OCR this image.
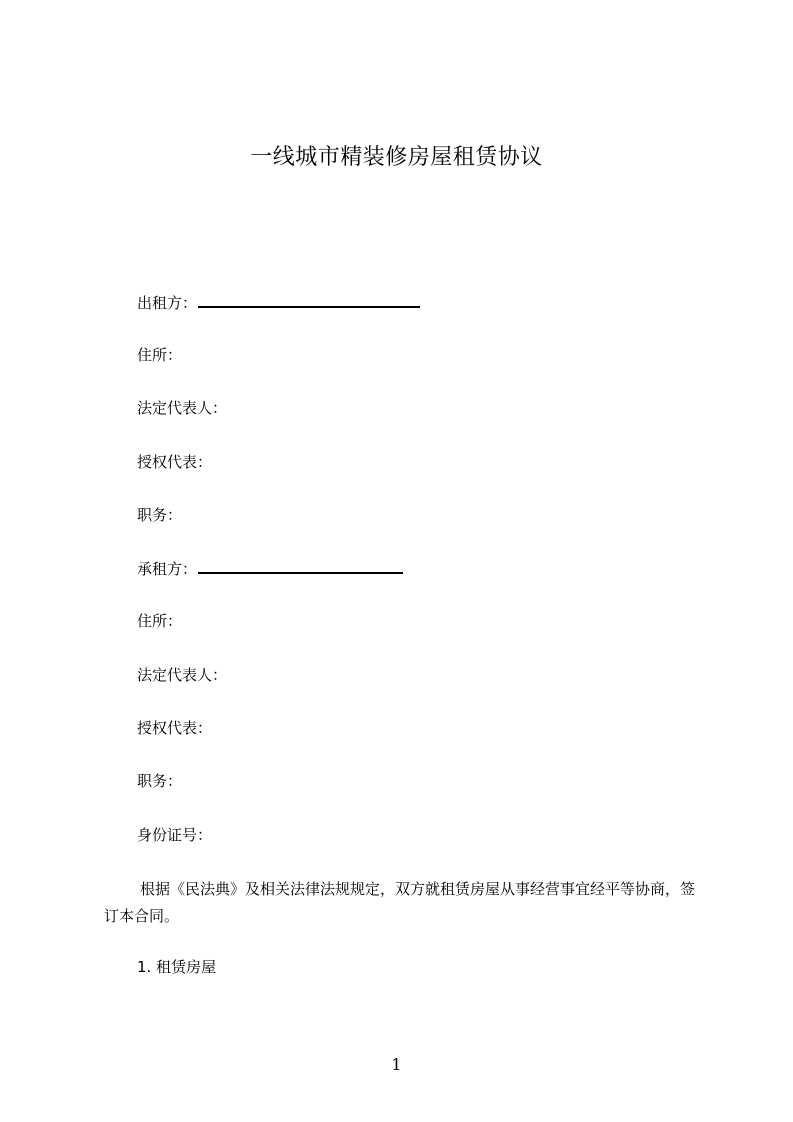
一线城市精装修房屋租赁协议
出租方：
住所：
法定代表人：
授权代表：
职务：
承租方：
住所：
法定代表人：
授权代表：
职务：
身份证号：
根据《民法典》及相关法律法规规定，双方就租赁房屋从事经营事宜经平等协商，签订本合同。
1. 租赁房屋
1
